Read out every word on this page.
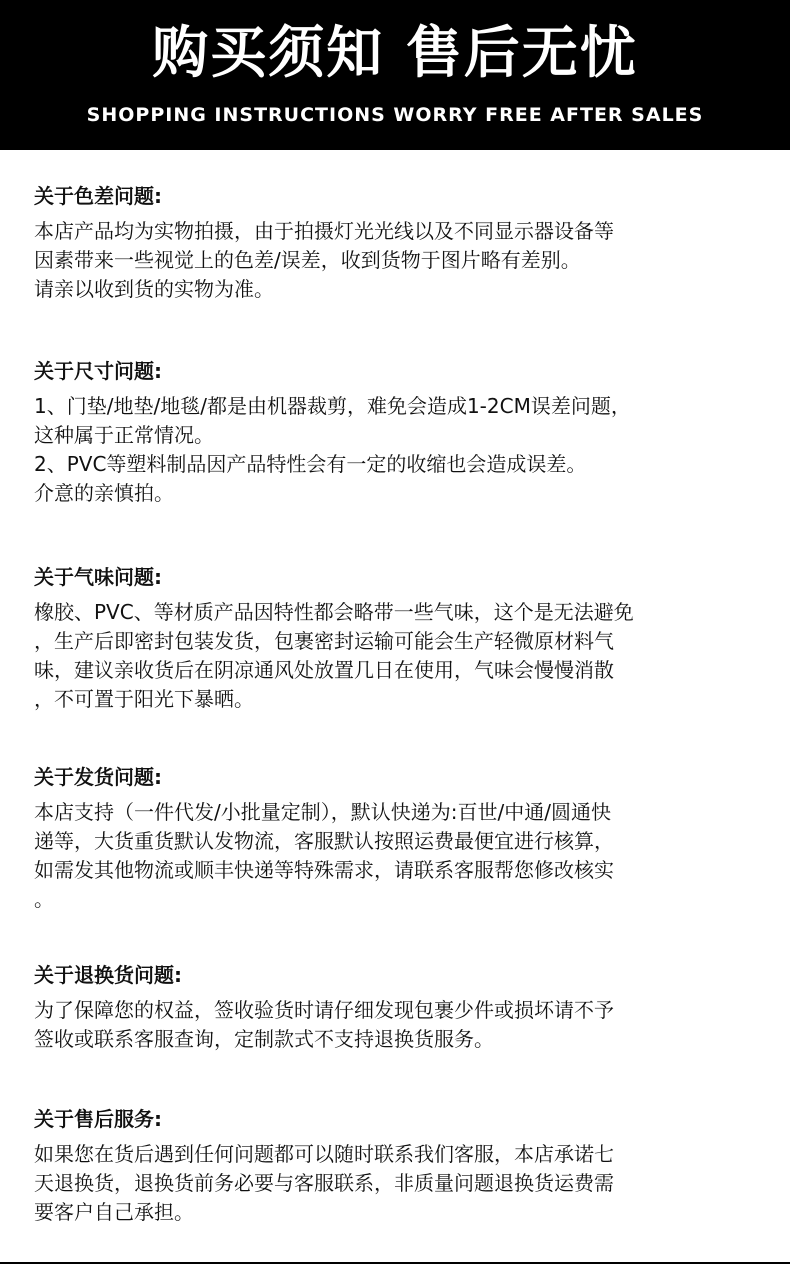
购买须知 售后无忧
SHOPPING INSTRUCTIONS WORRY FREE AFTER SALES
关于色差问题:
本店产品均为实物拍摄，由于拍摄灯光光线以及不同显示器设备等
因素带来一些视觉上的色差/误差，收到货物于图片略有差别。
请亲以收到货的实物为准。
关于尺寸问题:
1、门垫/地垫/地毯/都是由机器裁剪，难免会造成1-2CM误差问题，
这种属于正常情况。
2、PVC等塑料制品因产品特性会有一定的收缩也会造成误差。
介意的亲慎拍。
关于气味问题:
橡胶、PVC、等材质产品因特性都会略带一些气味，这个是无法避免
，生产后即密封包装发货，包裹密封运输可能会生产轻微原材料气
味，建议亲收货后在阴凉通风处放置几日在使用，气味会慢慢消散
，不可置于阳光下暴晒。
关于发货问题:
本店支持（一件代发/小批量定制），默认快递为:百世/中通/圆通快
递等，大货重货默认发物流，客服默认按照运费最便宜进行核算，
如需发其他物流或顺丰快递等特殊需求，请联系客服帮您修改核实
。
关于退换货问题:
为了保障您的权益，签收验货时请仔细发现包裹少件或损坏请不予
签收或联系客服查询，定制款式不支持退换货服务。
关于售后服务:
如果您在货后遇到任何问题都可以随时联系我们客服，本店承诺七
天退换货，退换货前务必要与客服联系，非质量问题退换货运费需
要客户自己承担。
